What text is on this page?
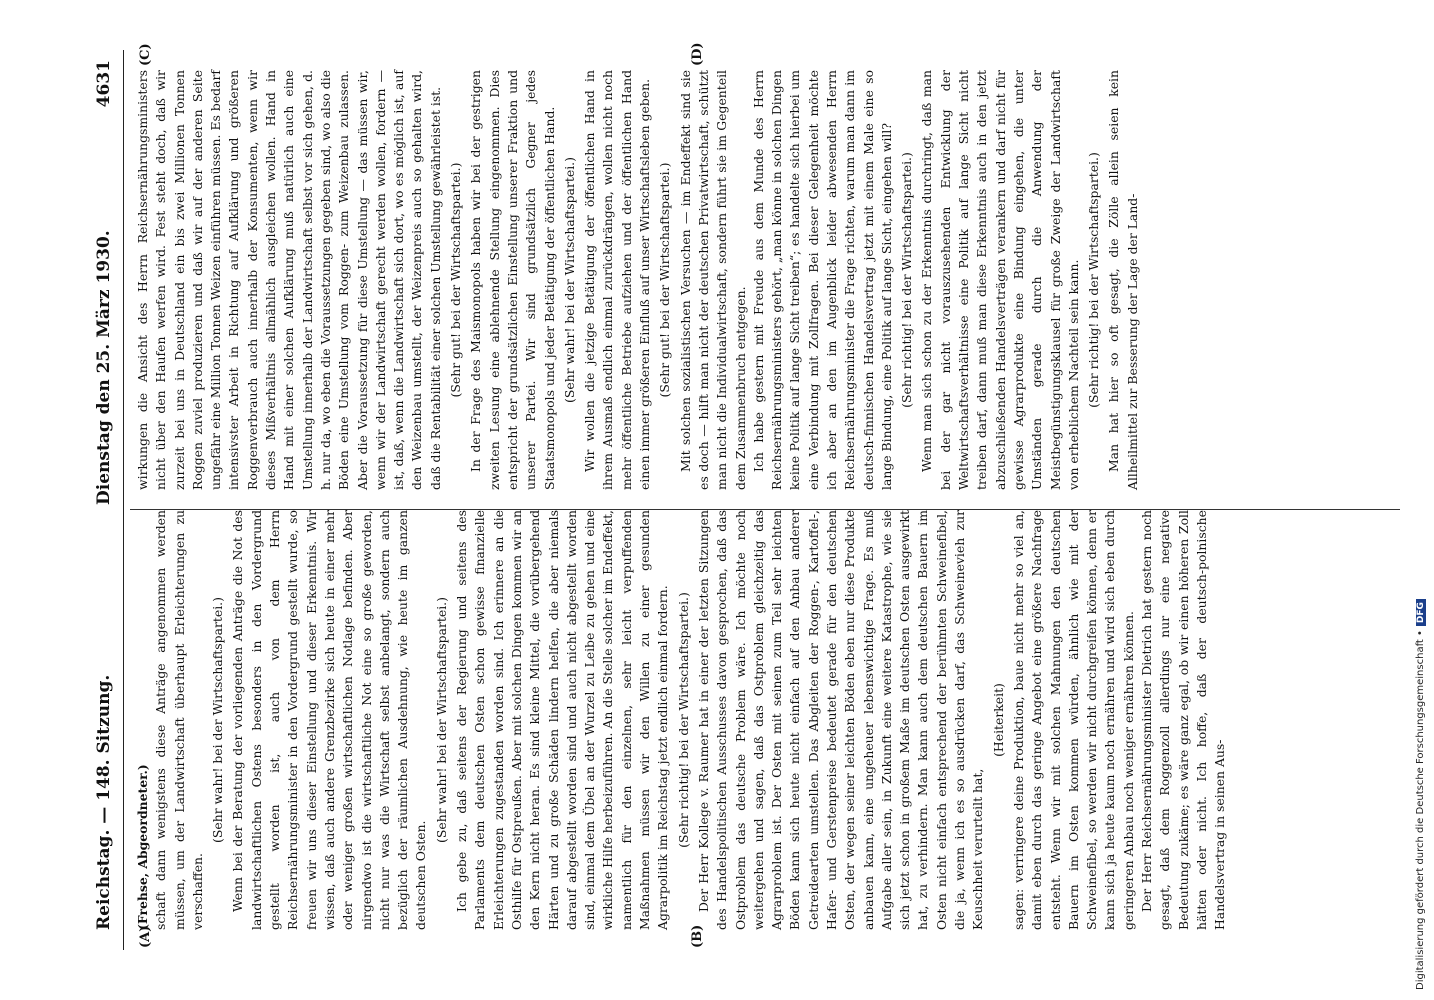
Reichstag. — 148. Sitzung.
Dienstag den 25. März 1930.
4631
(A)	(B)
(C)	(D)

(Frehse, Abgeordneter.) schaft dann wenigstens diese Anträge angenommen werden müssen, um der Landwirtschaft überhaupt Erleichterungen zu verschaffen.

(Sehr wahr! bei der Wirtschaftspartei.) Wenn bei der Beratung der vorliegenden Anträge die Not des landwirtschaftlichen Ostens besonders in den Vordergrund gestellt worden ist, auch von dem Herrn Reichsernährungsminister in den Vordergrund gestellt wurde, so freuen wir uns dieser Einstellung und dieser Erkenntnis. Wir wissen, daß auch andere Grenzbezirke sich heute in einer mehr oder weniger großen wirtschaftlichen Notlage befinden. Aber nirgendwo ist die wirtschaftliche Not eine so große geworden, nicht nur was die Wirtschaft selbst anbelangt, sondern auch bezüglich der räumlichen Ausdehnung, wie heute im ganzen deutschen Osten.

(Sehr wahr! bei der Wirtschaftspartei.) Ich gebe zu, daß seitens der Regierung und seitens des Parlaments dem deutschen Osten schon gewisse finanzielle Erleichterungen zugestanden worden sind. Ich erinnere an die Osthilfe für Ostpreußen. Aber mit solchen Dingen kommen wir an den Kern nicht heran. Es sind kleine Mittel, die vorübergehend Härten und zu große Schäden lindern helfen, die aber niemals darauf abgestellt worden sind und auch nicht abgestellt worden sind, einmal dem Übel an der Wurzel zu Leibe zu gehen und eine wirkliche Hilfe herbeizuführen. An die Stelle solcher im Endeffekt, namentlich für den einzelnen, sehr leicht verpuffenden Maßnahmen müssen wir den Willen zu einer gesunden Agrarpolitik im Reichstag jetzt endlich einmal fordern. (Sehr richtig! bei der Wirtschaftspartei.) Der Herr Kollege v. Raumer hat in einer der letzten Sitzungen des Handelspolitischen Ausschusses davon gesprochen, daß das Ostproblem das deutsche Problem wäre. Ich möchte noch weitergehen und sagen, daß das Ostproblem gleichzeitig das Agrarproblem ist. Der Osten mit seinen zum Teil sehr leichten Böden kann sich heute nicht einfach auf den Anbau anderer Getreidearten umstellen. Das Abgleiten der Roggen-, Kartoffel-, Hafer- und Gerstenpreise bedeutet gerade für den deutschen Osten, der wegen seiner leichten Böden eben nur diese Produkte anbauen kann, eine ungeheuer lebenswichtige Frage. Es muß Aufgabe aller sein, in Zukunft eine weitere Katastrophe, wie sie sich jetzt schon in großem Maße im deutschen Osten ausgewirkt hat, zu verhindern. Man kann auch dem deutschen Bauern im Osten nicht einfach entsprechend der berühmten Schweinefibel, die ja, wenn ich es so ausdrücken darf, das Schweinevieh zur Keuschheit verurteilt hat,

(Heiterkeit) sagen: verringere deine Produktion, baue nicht mehr so viel an, damit eben durch das geringe Angebot eine größere Nachfrage entsteht. Wenn wir mit solchen Mahnungen den deutschen Bauern im Osten kommen würden, ähnlich wie mit der Schweinefibel, so werden wir nicht durchgreifen können, denn er kann sich ja heute kaum noch ernähren und wird sich eben durch geringeren Anbau noch weniger ernähren können. Der Herr Reichsernährungsminister Dietrich hat gestern noch gesagt, daß dem Roggenzoll allerdings nur eine negative Bedeutung zukäme; es wäre ganz egal, ob wir einen höheren Zoll hätten oder nicht. Ich hoffe, daß der deutsch-polnische Handelsvertrag in seinen Aus-

wirkungen die Ansicht des Herrn Reichsernährungsministers nicht über den Haufen werfen wird. Fest steht doch, daß wir zurzeit bei uns in Deutschland ein bis zwei Millionen Tonnen Roggen zuviel produzieren und daß wir auf der anderen Seite ungefähr eine Million Tonnen Weizen einführen müssen. Es bedarf intensivster Arbeit in Richtung auf Aufklärung und größeren Roggenverbrauch auch innerhalb der Konsumenten, wenn wir dieses Mißverhältnis allmählich ausgleichen wollen. Hand in Hand mit einer solchen Aufklärung muß natürlich auch eine Umstellung innerhalb der Landwirtschaft selbst vor sich gehen, d. h. nur da, wo eben die Voraussetzungen gegeben sind, wo also die Böden eine Umstellung vom Roggen- zum Weizenbau zulassen. Aber die Voraussetzung für diese Umstellung — das müssen wir, wenn wir der Landwirtschaft gerecht werden wollen, fordern — ist, daß, wenn die Landwirtschaft sich dort, wo es möglich ist, auf den Weizenbau umstellt, der Weizenpreis auch so gehalten wird, daß die Rentabilität einer solchen Umstellung gewährleistet ist. (Sehr gut! bei der Wirtschaftspartei.) In der Frage des Maismonopols haben wir bei der gestrigen zweiten Lesung eine ablehnende Stellung eingenommen. Dies entspricht der grundsätzlichen Einstellung unserer Fraktion und unserer Partei. Wir sind grundsätzlich Gegner jedes Staatsmonopols und jeder Betätigung der öffentlichen Hand. (Sehr wahr! bei der Wirtschaftspartei.) Wir wollen die jetzige Betätigung der öffentlichen Hand in ihrem Ausmaß endlich einmal zurückdrängen, wollen nicht noch mehr öffentliche Betriebe aufziehen und der öffentlichen Hand einen immer größeren Einfluß auf unser Wirtschaftsleben geben. (Sehr gut! bei der Wirtschaftspartei.) Mit solchen sozialistischen Versuchen — im Endeffekt sind sie es doch — hilft man nicht der deutschen Privatwirtschaft, schützt man nicht die Individualwirtschaft, sondern führt sie im Gegenteil dem Zusammenbruch entgegen. Ich habe gestern mit Freude aus dem Munde des Herrn Reichsernährungsministers gehört, „man könne in solchen Dingen keine Politik auf lange Sicht treiben“; es handelte sich hierbei um eine Verbindung mit Zollfragen. Bei dieser Gelegenheit möchte ich aber an den im Augenblick leider abwesenden Herrn Reichsernährungsminister die Frage richten, warum man dann im deutsch-finnischen Handelsvertrag jetzt mit einem Male eine so lange Bindung, eine Politik auf lange Sicht, eingehen will? (Sehr richtig! bei der Wirtschaftspartei.) Wenn man sich schon zu der Erkenntnis durchringt, daß man bei der gar nicht vorauszusehenden Entwicklung der Weltwirtschaftsverhältnisse eine Politik auf lange Sicht nicht treiben darf, dann muß man diese Erkenntnis auch in den jetzt abzuschließenden Handelsverträgen verankern und darf nicht für gewisse Agrarprodukte eine Bindung eingehen, die unter Umständen gerade durch die Anwendung der Meistbegünstigungsklausel für große Zweige der Landwirtschaft von erheblichem Nachteil sein kann. (Sehr richtig! bei der Wirtschaftspartei.) Man hat hier so oft gesagt, die Zölle allein seien kein Allheilmittel zur Besserung der Lage der Land-

Digitalisierung gefördert durch die Deutsche Forschungsgemeinschaft •DFG
